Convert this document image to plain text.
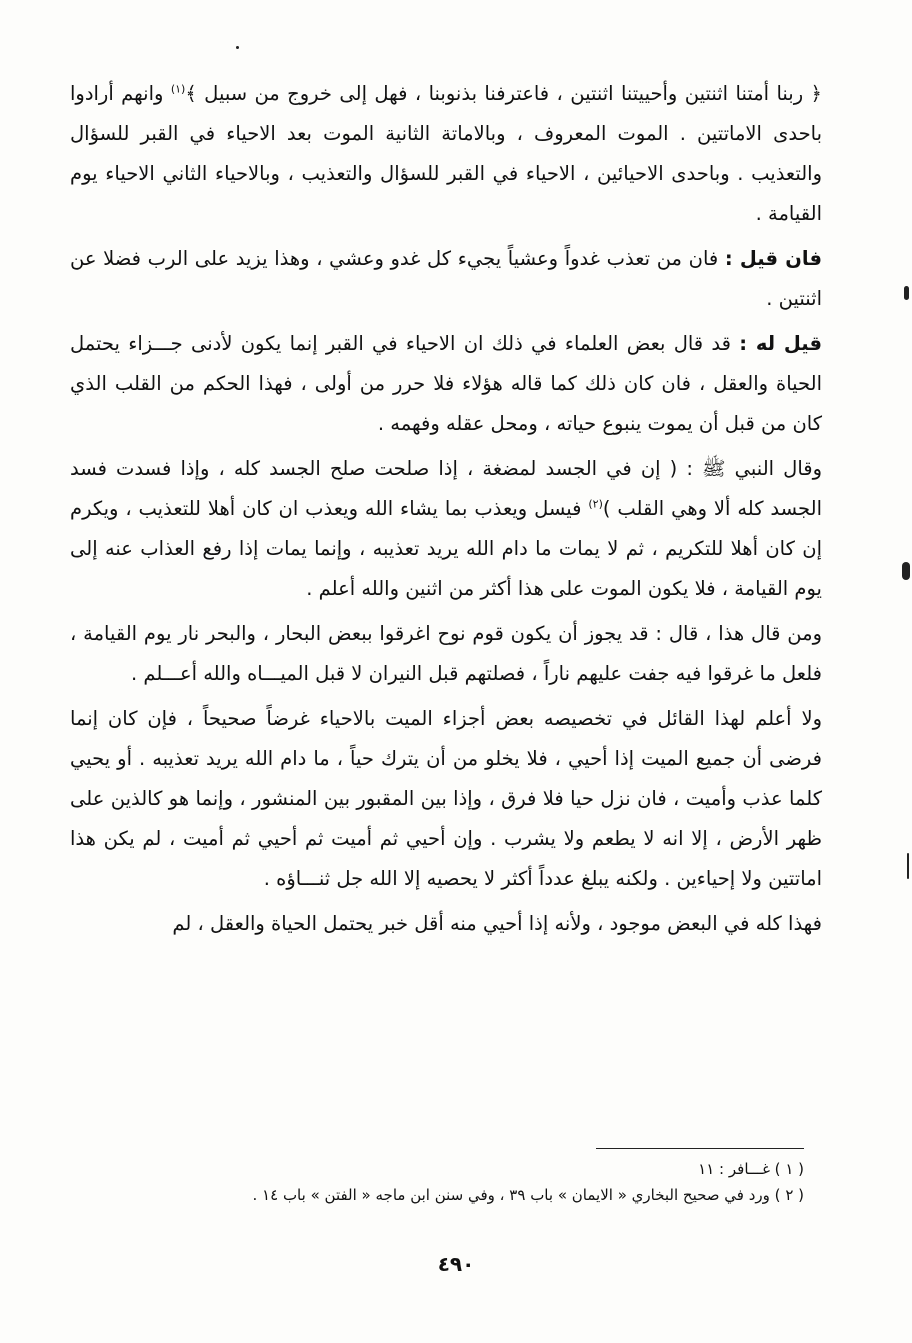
﴿ ربنا أمتنا اثنتين وأحييتنا اثنتين ، فاعترفنا بذنوبنا ، فهل إلى خروج من سبيل ﴾$^{(١)}$ وانهم أرادوا باحدى الاماتتين . الموت المعروف ، وبالاماتة الثانية الموت بعد الاحياء في القبر للسؤال والتعذيب . وباحدى الاحيائين ، الاحياء في القبر للسؤال والتعذيب ، وبالاحياء الثاني الاحياء يوم القيامة .

فان قيل : فان من تعذب غدواً وعشياً يجيء كل غدو وعشي ، وهذا يزيد على الرب فضلا عن اثنتين .

قيل له : قد قال بعض العلماء في ذلك ان الاحياء في القبر إنما يكون لأدنى جـــزاء يحتمل الحياة والعقل ، فان كان ذلك كما قاله هؤلاء فلا حرر من أولى ، فهذا الحكم من القلب الذي كان من قبل أن يموت ينبوع حياته ، ومحل عقله وفهمه .

وقال النبي ﷺ : ( إن في الجسد لمضغة ، إذا صلحت صلح الجسد كله ، وإذا فسدت فسد الجسد كله ألا وهي القلب )$^{(٢)}$ فيسل ويعذب بما يشاء الله ويعذب ان كان أهلا للتعذيب ، ويكرم إن كان أهلا للتكريم ، ثم لا يمات ما دام الله يريد تعذيبه ، وإنما يمات إذا رفع العذاب عنه إلى يوم القيامة ، فلا يكون الموت على هذا أكثر من اثنين والله أعلم .

ومن قال هذا ، قال : قد يجوز أن يكون قوم نوح اغرقوا ببعض البحار ، والبحر نار يوم القيامة ، فلعل ما غرقوا فيه جفت عليهم ناراً ، فصلتهم قبل النيران لا قبل الميـــاه والله أعـــلم .

ولا أعلم لهذا القائل في تخصيصه بعض أجزاء الميت بالاحياء غرضاً صحيحاً ، فإن كان إنما فرضى أن جميع الميت إذا أحيي ، فلا يخلو من أن يترك حياً ، ما دام الله يريد تعذيبه . أو يحيي كلما عذب وأميت ، فان نزل حيا فلا فرق ، وإذا بين المقبور بين المنشور ، وإنما هو كالذين على ظهر الأرض ، إلا انه لا يطعم ولا يشرب . وإن أحيي ثم أميت ثم أحيي ثم أميت ، لم يكن هذا اماتتين ولا إحياءين . ولكنه يبلغ عدداً أكثر لا يحصيه إلا الله جل ثنـــاؤه .

فهذا كله في البعض موجود ، ولأنه إذا أحيي منه أقل خبر يحتمل الحياة والعقل ، لم

( ١ ) غـــافر : ١١

( ٢ ) ورد في صحيح البخاري « الايمان » باب ٣٩ ، وفي سنن ابن ماجه « الفتن » باب ١٤ .

٤٩٠
